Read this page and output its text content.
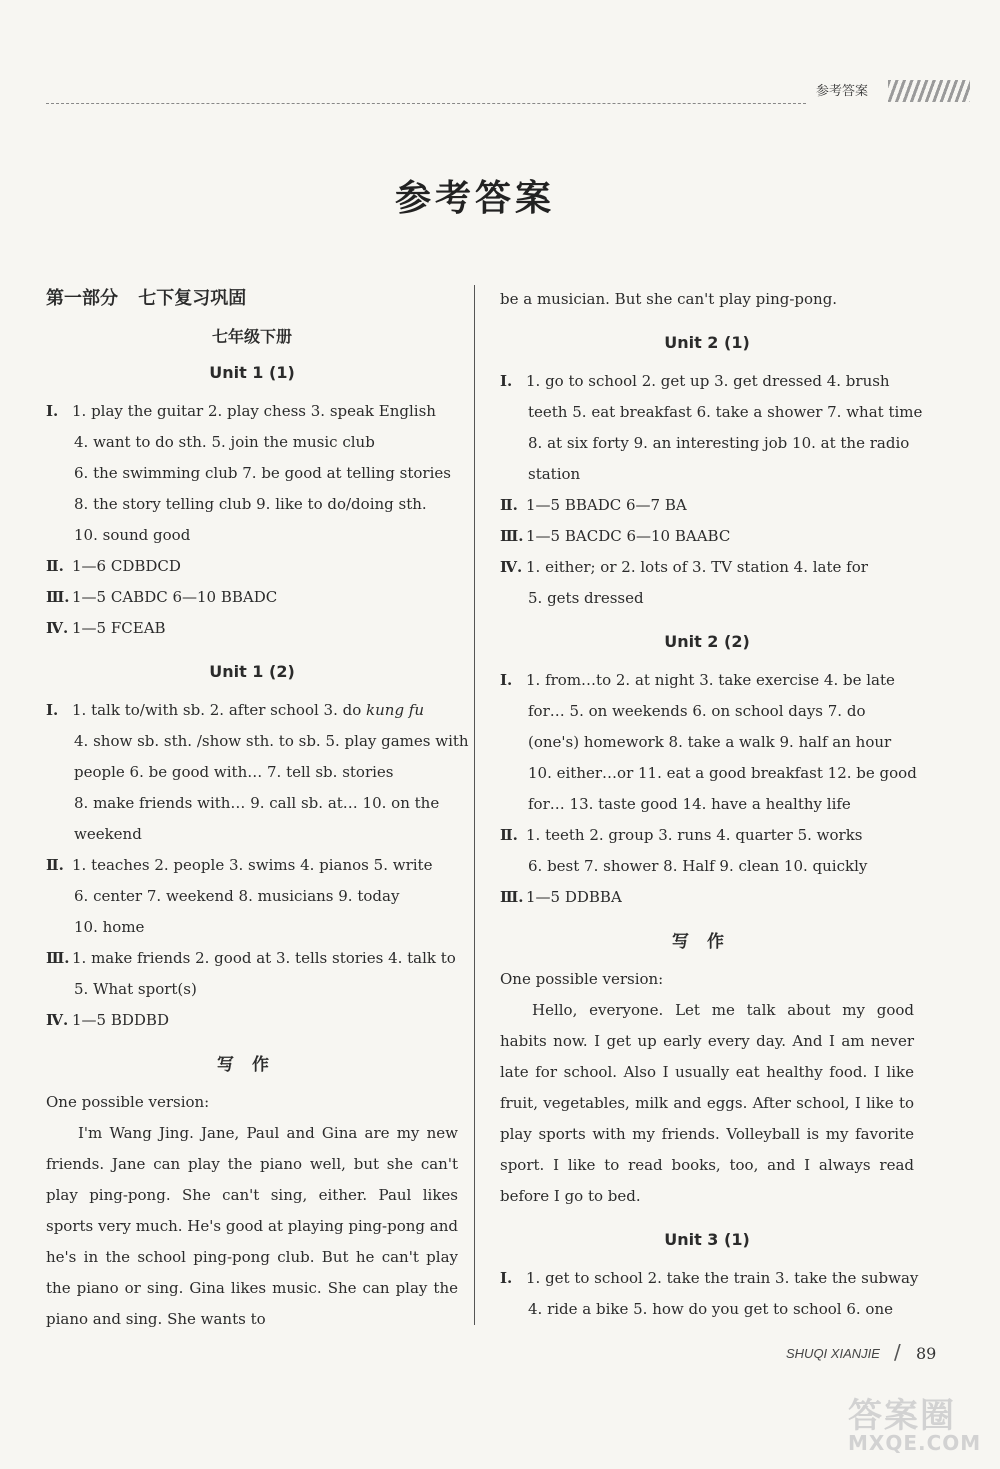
参考答案
参考答案
第一部分 七下复习巩固
七年级下册
Unit 1 (1)
Ⅰ. 1. play the guitar 2. play chess 3. speak English
4. want to do sth. 5. join the music club
6. the swimming club 7. be good at telling stories
8. the story telling club 9. like to do/doing sth.
10. sound good
Ⅱ. 1—6 CDBDCD
Ⅲ. 1—5 CABDC 6—10 BBADC
Ⅳ. 1—5 FCEAB
Unit 1 (2)
Ⅰ. 1. talk to/with sb. 2. after school 3. do kung fu
4. show sb. sth. /show sth. to sb. 5. play games with
people 6. be good with… 7. tell sb. stories
8. make friends with… 9. call sb. at… 10. on the
weekend
Ⅱ. 1. teaches 2. people 3. swims 4. pianos 5. write
6. center 7. weekend 8. musicians 9. today
10. home
Ⅲ. 1. make friends 2. good at 3. tells stories 4. talk to
5. What sport(s)
Ⅳ. 1—5 BDDBD
写作
One possible version:

I'm Wang Jing. Jane, Paul and Gina are my new friends. Jane can play the piano well, but she can't play ping-pong. She can't sing, either. Paul likes sports very much. He's good at playing ping-pong and he's in the school ping-pong club. But he can't play the piano or sing. Gina likes music. She can play the piano and sing. She wants to

be a musician. But she can't play ping-pong.
Unit 2 (1)
Ⅰ. 1. go to school 2. get up 3. get dressed 4. brush
teeth 5. eat breakfast 6. take a shower 7. what time
8. at six forty 9. an interesting job 10. at the radio
station
Ⅱ. 1—5 BBADC 6—7 BA
Ⅲ. 1—5 BACDC 6—10 BAABC
Ⅳ. 1. either; or 2. lots of 3. TV station 4. late for
5. gets dressed
Unit 2 (2)
Ⅰ. 1. from…to 2. at night 3. take exercise 4. be late
for… 5. on weekends 6. on school days 7. do
(one's) homework 8. take a walk 9. half an hour
10. either…or 11. eat a good breakfast 12. be good
for… 13. taste good 14. have a healthy life
Ⅱ. 1. teeth 2. group 3. runs 4. quarter 5. works
6. best 7. shower 8. Half 9. clean 10. quickly
Ⅲ. 1—5 DDBBA
写作
One possible version:

Hello, everyone. Let me talk about my good habits now. I get up early every day. And I am never late for school. Also I usually eat healthy food. I like fruit, vegetables, milk and eggs. After school, I like to play sports with my friends. Volleyball is my favorite sport. I like to read books, too, and I always read before I go to bed.

Unit 3 (1)
Ⅰ. 1. get to school 2. take the train 3. take the subway
4. ride a bike 5. how do you get to school 6. one
SHUQI XIANJIE / 89
答案圈
MXQE.COM
